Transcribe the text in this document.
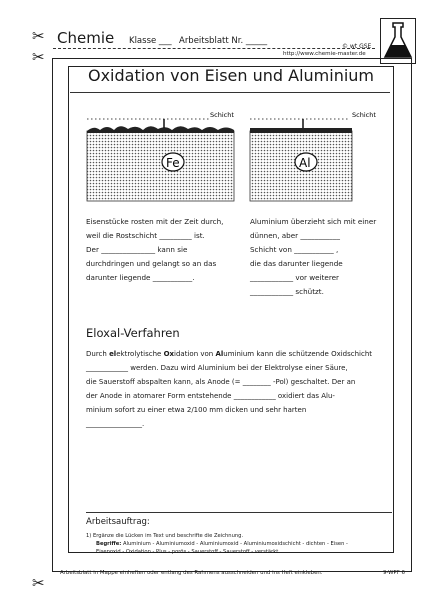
Chemie Klasse ___ Arbeitsblatt Nr. _____
© wt GSE
http://www.chemie-master.de
✂
✂
✂
Oxidation von Eisen und Aluminium
Schicht
Fe
Schicht
Al
Eisenstücke rosten mit der Zeit durch,
weil die Rostschicht _________ ist.
Der _______________ kann sie
durchdringen und gelangt so an das
darunter liegende ___________.
Aluminium überzieht sich mit einer
dünnen, aber ___________
Schicht von ___________ ,
die das darunter liegende
____________ vor weiterer
____________ schützt.
Eloxal-Verfahren
Durch elektrolytische Oxidation von Aluminium kann die schützende Oxidschicht
____________ werden. Dazu wird Aluminium bei der Elektrolyse einer Säure,
die Sauerstoff abspalten kann, als Anode (= ________ -Pol) geschaltet. Der an
der Anode in atomarer Form entstehende ____________ oxidiert das Alu-
minium sofort zu einer etwa 2/100 mm dicken und sehr harten
________________.
Arbeitsauftrag:
1) Ergänze die Lücken im Text und beschrifte die Zeichnung.
Begriffe: Aluminium - Aluminiumoxid - Aluminiumoxid - Aluminiumoxidschicht - dichten - Eisen -
Eisenoxid - Oxidation - Plus - porös - Sauerstoff - Sauerstoff - verstärkt
Arbeitsblatt in Mappe einheften oder entlang des Rahmens ausschneiden und ins Heft einkleben.	9-WPF 6
